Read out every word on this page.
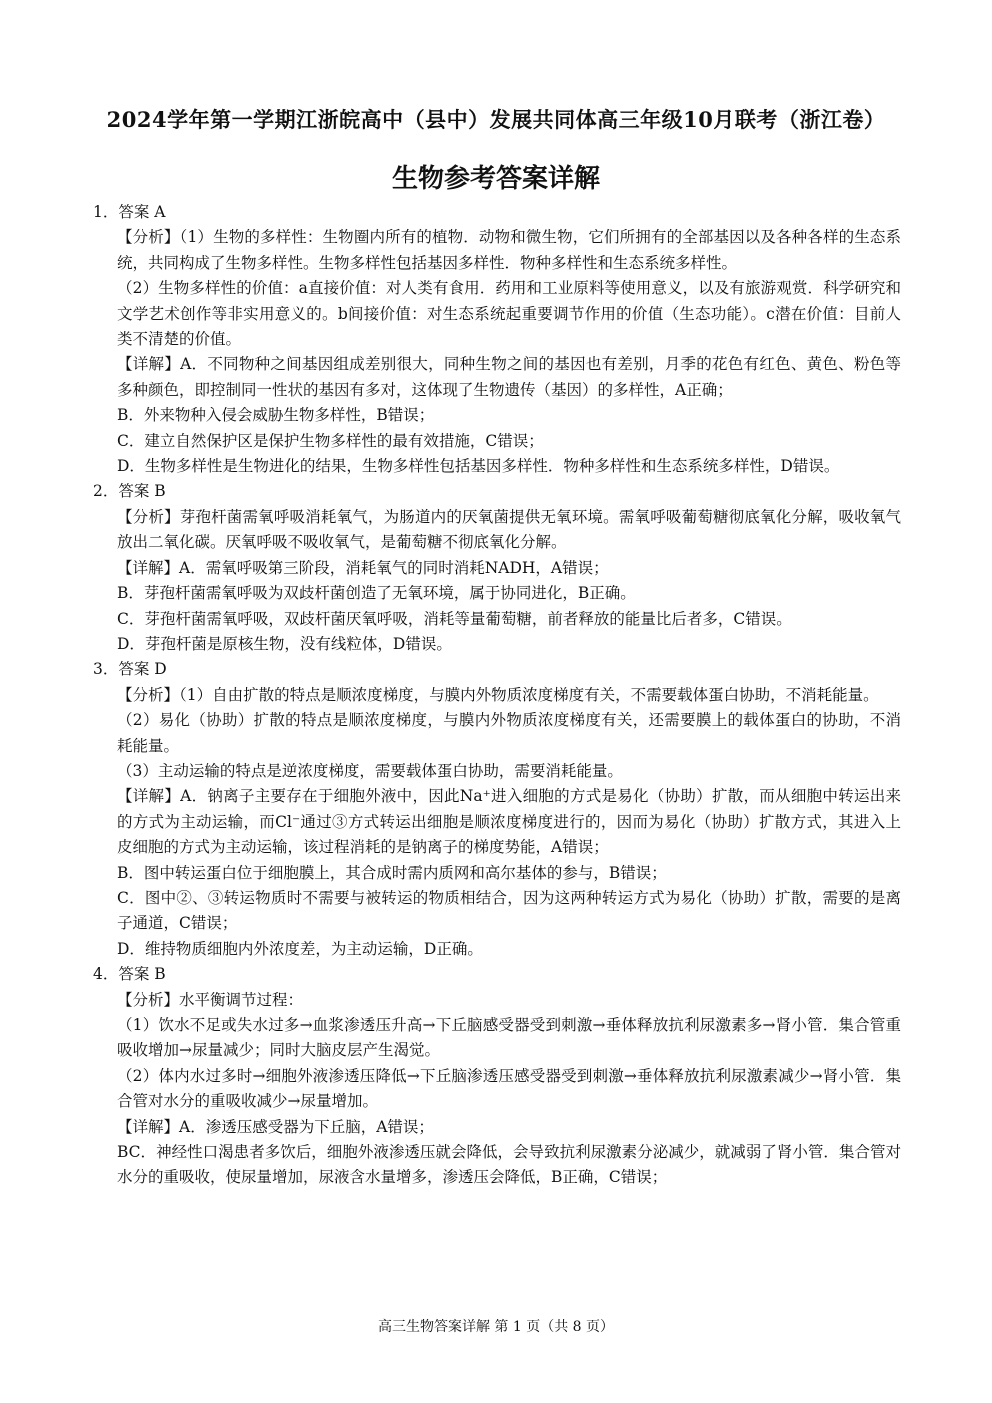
2024学年第一学期江浙皖高中（县中）发展共同体高三年级10月联考（浙江卷）
生物参考答案详解

1．答案 A

【分析】（1）生物的多样性：生物圈内所有的植物．动物和微生物，它们所拥有的全部基因以及各种各样的生态系统，共同构成了生物多样性。生物多样性包括基因多样性．物种多样性和生态系统多样性。

（2）生物多样性的价值：a直接价值：对人类有食用．药用和工业原料等使用意义，以及有旅游观赏．科学研究和文学艺术创作等非实用意义的。b间接价值：对生态系统起重要调节作用的价值（生态功能）。c潜在价值：目前人类不清楚的价值。

【详解】A．不同物种之间基因组成差别很大，同种生物之间的基因也有差别，月季的花色有红色、黄色、粉色等多种颜色，即控制同一性状的基因有多对，这体现了生物遗传（基因）的多样性，A正确；

B．外来物种入侵会威胁生物多样性，B错误；

C．建立自然保护区是保护生物多样性的最有效措施，C错误；

D．生物多样性是生物进化的结果，生物多样性包括基因多样性．物种多样性和生态系统多样性，D错误。

2．答案 B

【分析】芽孢杆菌需氧呼吸消耗氧气，为肠道内的厌氧菌提供无氧环境。需氧呼吸葡萄糖彻底氧化分解，吸收氧气放出二氧化碳。厌氧呼吸不吸收氧气，是葡萄糖不彻底氧化分解。

【详解】A．需氧呼吸第三阶段，消耗氧气的同时消耗NADH，A错误；

B．芽孢杆菌需氧呼吸为双歧杆菌创造了无氧环境，属于协同进化，B正确。

C．芽孢杆菌需氧呼吸，双歧杆菌厌氧呼吸，消耗等量葡萄糖，前者释放的能量比后者多，C错误。

D．芽孢杆菌是原核生物，没有线粒体，D错误。

3．答案 D

【分析】（1）自由扩散的特点是顺浓度梯度，与膜内外物质浓度梯度有关，不需要载体蛋白协助，不消耗能量。

（2）易化（协助）扩散的特点是顺浓度梯度，与膜内外物质浓度梯度有关，还需要膜上的载体蛋白的协助，不消耗能量。

（3）主动运输的特点是逆浓度梯度，需要载体蛋白协助，需要消耗能量。

【详解】A．钠离子主要存在于细胞外液中，因此Na⁺进入细胞的方式是易化（协助）扩散，而从细胞中转运出来的方式为主动运输，而Cl⁻通过③方式转运出细胞是顺浓度梯度进行的，因而为易化（协助）扩散方式，其进入上皮细胞的方式为主动运输，该过程消耗的是钠离子的梯度势能，A错误；

B．图中转运蛋白位于细胞膜上，其合成时需内质网和高尔基体的参与，B错误；

C．图中②、③转运物质时不需要与被转运的物质相结合，因为这两种转运方式为易化（协助）扩散，需要的是离子通道，C错误；

D．维持物质细胞内外浓度差，为主动运输，D正确。

4．答案 B

【分析】水平衡调节过程：

（1）饮水不足或失水过多→血浆渗透压升高→下丘脑感受器受到刺激→垂体释放抗利尿激素多→肾小管．集合管重吸收增加→尿量减少；同时大脑皮层产生渴觉。

（2）体内水过多时→细胞外液渗透压降低→下丘脑渗透压感受器受到刺激→垂体释放抗利尿激素减少→肾小管．集合管对水分的重吸收减少→尿量增加。

【详解】A．渗透压感受器为下丘脑，A错误；

BC．神经性口渴患者多饮后，细胞外液渗透压就会降低，会导致抗利尿激素分泌减少，就减弱了肾小管．集合管对水分的重吸收，使尿量增加，尿液含水量增多，渗透压会降低，B正确，C错误；

高三生物答案详解 第 1 页（共 8 页）
